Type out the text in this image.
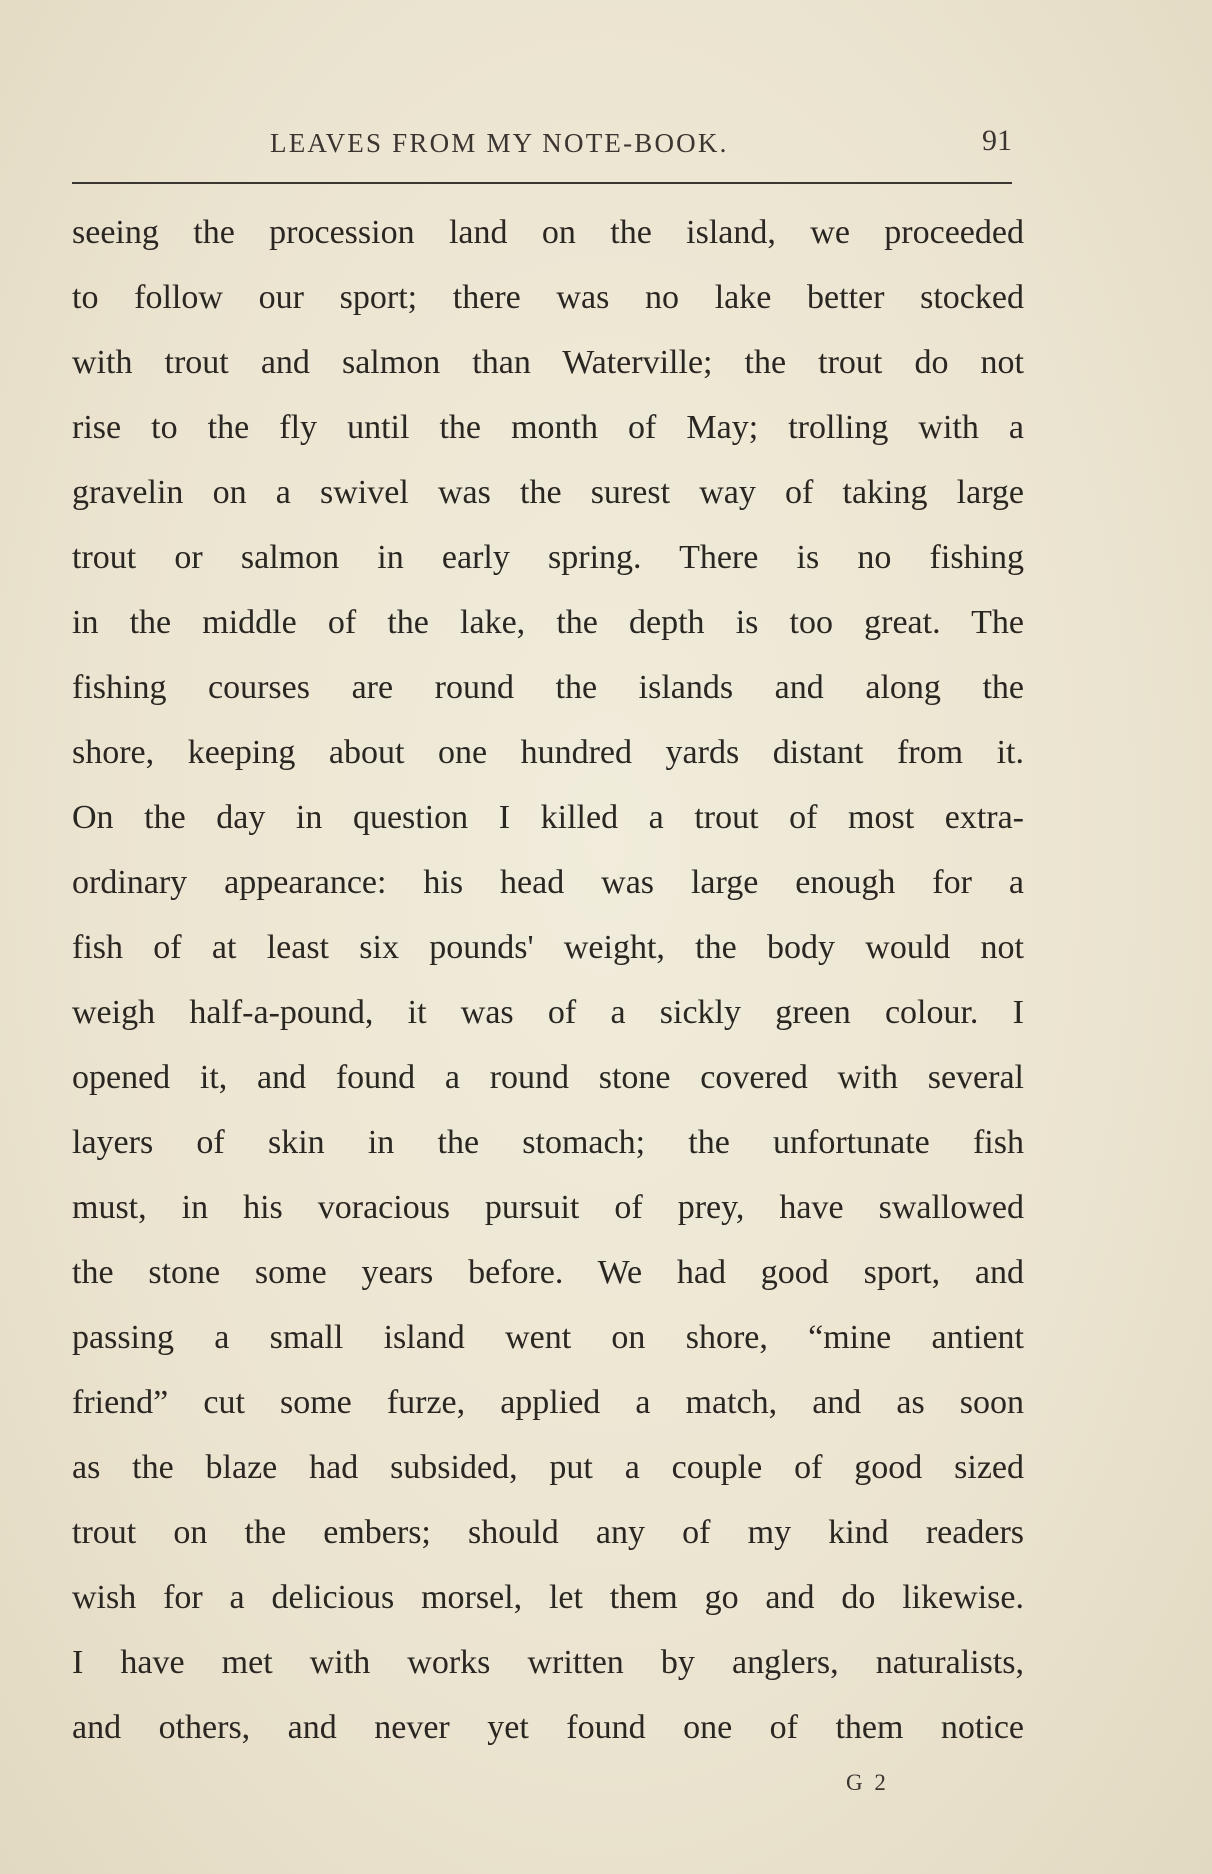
LEAVES FROM MY NOTE-BOOK.	91
seeing the procession land on the island, we proceeded
to follow our sport; there was no lake better stocked
with trout and salmon than Waterville; the trout do not
rise to the fly until the month of May; trolling with a
gravelin on a swivel was the surest way of taking large
trout or salmon in early spring. There is no fishing
in the middle of the lake, the depth is too great. The
fishing courses are round the islands and along the
shore, keeping about one hundred yards distant from it.
On the day in question I killed a trout of most extra-
ordinary appearance: his head was large enough for a
fish of at least six pounds' weight, the body would not
weigh half-a-pound, it was of a sickly green colour. I
opened it, and found a round stone covered with several
layers of skin in the stomach; the unfortunate fish
must, in his voracious pursuit of prey, have swallowed
the stone some years before. We had good sport, and
passing a small island went on shore, “mine antient
friend” cut some furze, applied a match, and as soon
as the blaze had subsided, put a couple of good sized
trout on the embers; should any of my kind readers
wish for a delicious morsel, let them go and do likewise.
I have met with works written by anglers, naturalists,
and others, and never yet found one of them notice
G 2
